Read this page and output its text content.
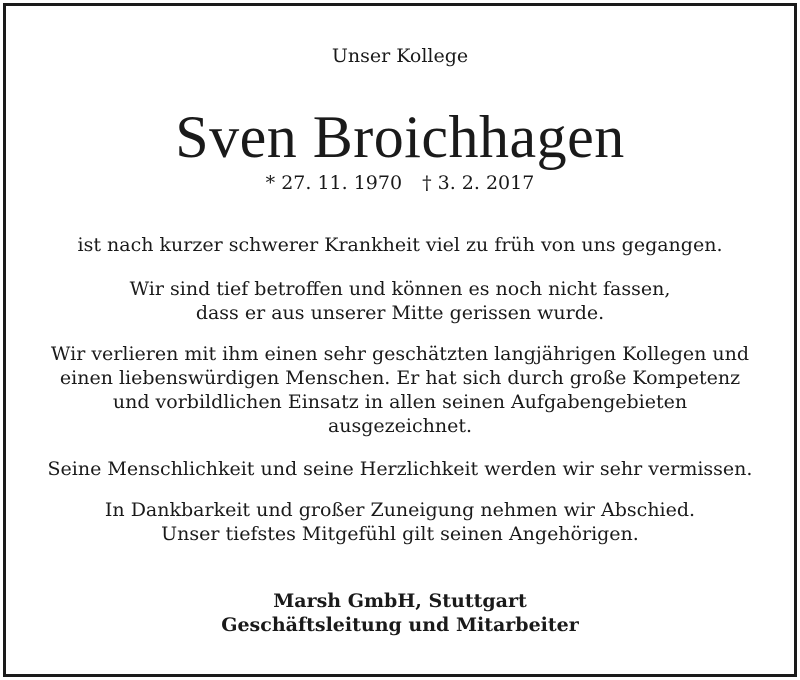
Unser Kollege
Sven Broichhagen
* 27. 11. 1970 † 3. 2. 2017
ist nach kurzer schwerer Krankheit viel zu früh von uns gegangen.
Wir sind tief betroffen und können es noch nicht fassen,
dass er aus unserer Mitte gerissen wurde.
Wir verlieren mit ihm einen sehr geschätzten langjährigen Kollegen und
einen liebenswürdigen Menschen. Er hat sich durch große Kompetenz
und vorbildlichen Einsatz in allen seinen Aufgabengebieten
ausgezeichnet.
Seine Menschlichkeit und seine Herzlichkeit werden wir sehr vermissen.
In Dankbarkeit und großer Zuneigung nehmen wir Abschied.
Unser tiefstes Mitgefühl gilt seinen Angehörigen.
Marsh GmbH, Stuttgart
Geschäftsleitung und Mitarbeiter
